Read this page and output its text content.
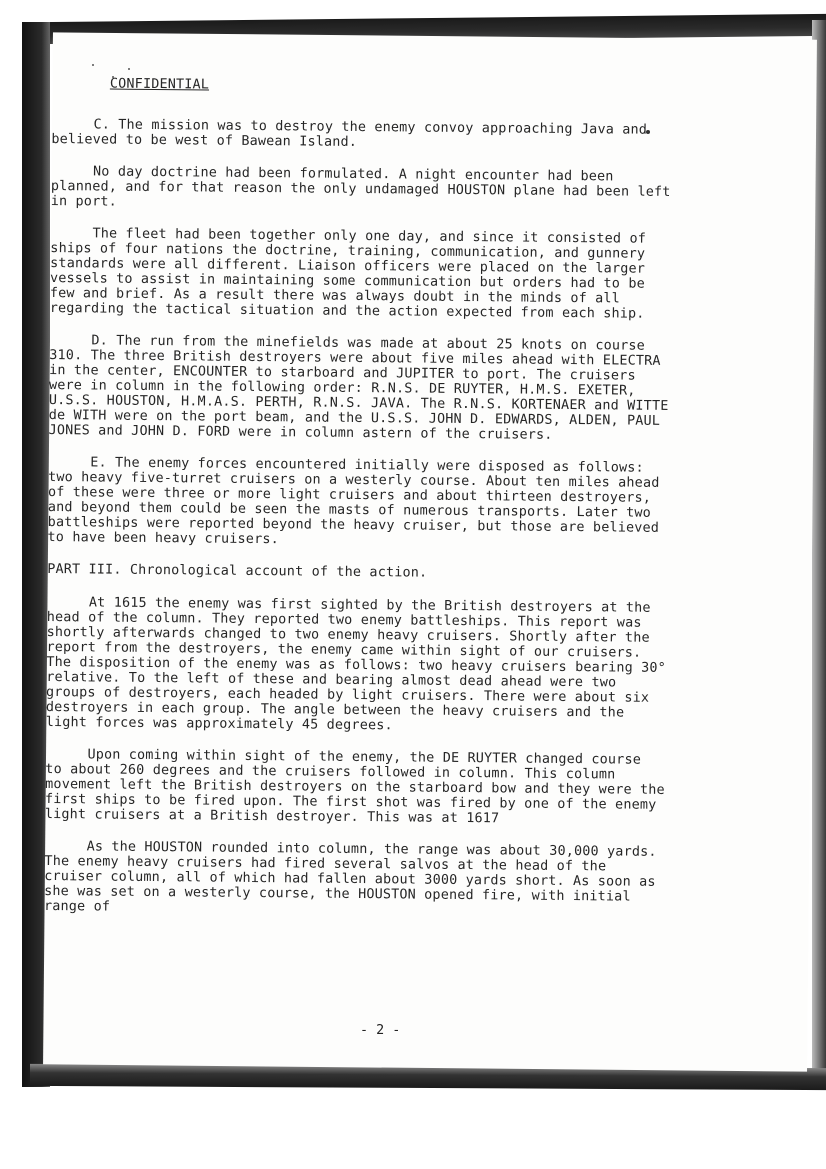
CONFIDENTIAL

C. The mission was to destroy the enemy convoy approaching Java and believed to be west of Bawean Island.

No day doctrine had been formulated. A night encounter had been planned, and for that reason the only undamaged HOUSTON plane had been left in port.

The fleet had been together only one day, and since it consisted of ships of four nations the doctrine, training, communication, and gunnery standards were all different. Liaison officers were placed on the larger vessels to assist in maintaining some communication but orders had to be few and brief. As a result there was always doubt in the minds of all regarding the tactical situation and the action expected from each ship.

D. The run from the minefields was made at about 25 knots on course 310. The three British destroyers were about five miles ahead with ELECTRA in the center, ENCOUNTER to starboard and JUPITER to port. The cruisers were in column in the following order: R.N.S. DE RUYTER, H.M.S. EXETER, U.S.S. HOUSTON, H.M.A.S. PERTH, R.N.S. JAVA. The R.N.S. KORTENAER and WITTE de WITH were on the port beam, and the U.S.S. JOHN D. EDWARDS, ALDEN, PAUL JONES and JOHN D. FORD were in column astern of the cruisers.

E. The enemy forces encountered initially were disposed as follows: two heavy five-turret cruisers on a westerly course. About ten miles ahead of these were three or more light cruisers and about thirteen destroyers, and beyond them could be seen the masts of numerous transports. Later two battleships were reported beyond the heavy cruiser, but those are believed to have been heavy cruisers.

PART III. Chronological account of the action.

At 1615 the enemy was first sighted by the British destroyers at the head of the column. They reported two enemy battleships. This report was shortly afterwards changed to two enemy heavy cruisers. Shortly after the report from the destroyers, the enemy came within sight of our cruisers. The disposition of the enemy was as follows: two heavy cruisers bearing 30° relative. To the left of these and bearing almost dead ahead were two groups of destroyers, each headed by light cruisers. There were about six destroyers in each group. The angle between the heavy cruisers and the light forces was approximately 45 degrees.

Upon coming within sight of the enemy, the DE RUYTER changed course to about 260 degrees and the cruisers followed in column. This column movement left the British destroyers on the starboard bow and they were the first ships to be fired upon. The first shot was fired by one of the enemy light cruisers at a British destroyer. This was at 1617

As the HOUSTON rounded into column, the range was about 30,000 yards. The enemy heavy cruisers had fired several salvos at the head of the cruiser column, all of which had fallen about 3000 yards short. As soon as she was set on a westerly course, the HOUSTON opened fire, with initial range of

- 2 -
